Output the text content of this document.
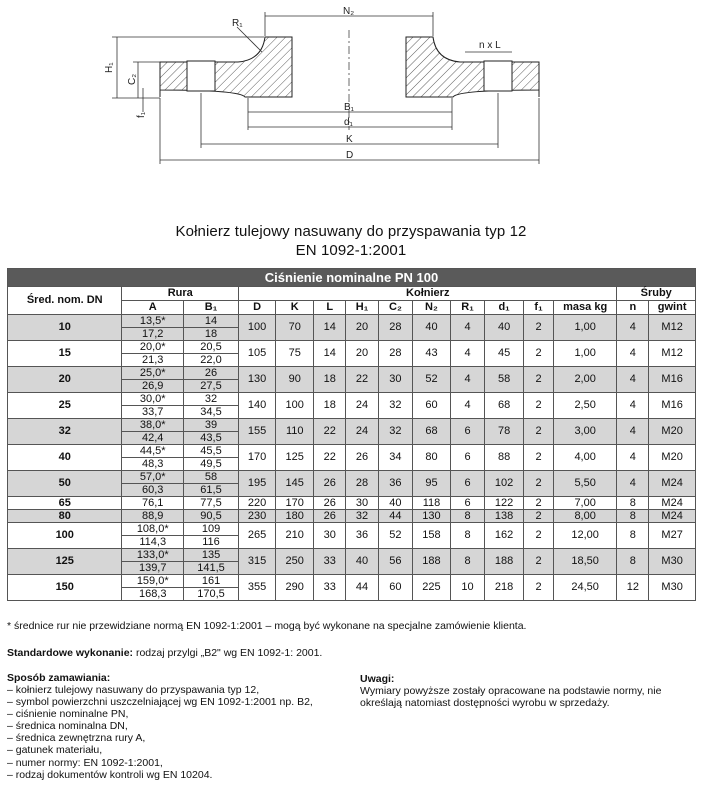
N₂
R₁
H₁
C₂
f₁
n x L
B₁
d₁
K
D
Kołnierz tulejowy nasuwany do przyspawania typ 12
EN 1092-1:2001
Ciśnienie nominalne PN 100														
Śred. nom. DN	Rura		Kołnierz										Śruby	
	A	B₁	D	K	L	H₁	C₂	N₂	R₁	d₁	f₁	masa kg	n	gwint
10	13,5*	14	100	70	14	20	28	40	4	40	2	1,00	4	M12
	17,2	18												
15	20,0*	20,5	105	75	14	20	28	43	4	45	2	1,00	4	M12
	21,3	22,0												
20	25,0*	26	130	90	18	22	30	52	4	58	2	2,00	4	M16
	26,9	27,5												
25	30,0*	32	140	100	18	24	32	60	4	68	2	2,50	4	M16
	33,7	34,5												
32	38,0*	39	155	110	22	24	32	68	6	78	2	3,00	4	M20
	42,4	43,5												
40	44,5*	45,5	170	125	22	26	34	80	6	88	2	4,00	4	M20
	48,3	49,5												
50	57,0*	58	195	145	26	28	36	95	6	102	2	5,50	4	M24
	60,3	61,5												
65	76,1	77,5	220	170	26	30	40	118	6	122	2	7,00	8	M24
80	88,9	90,5	230	180	26	32	44	130	8	138	2	8,00	8	M24
100	108,0*	109	265	210	30	36	52	158	8	162	2	12,00	8	M27
	114,3	116												
125	133,0*	135	315	250	33	40	56	188	8	188	2	18,50	8	M30
	139,7	141,5												
150	159,0*	161	355	290	33	44	60	225	10	218	2	24,50	12	M30
	168,3	170,5												
* średnice rur nie przewidziane normą EN 1092-1:2001 – mogą być wykonane na specjalne zamówienie klienta.
Standardowe wykonanie: rodzaj przylgi „B2" wg EN 1092-1: 2001.
Sposób zamawiania:
– kołnierz tulejowy nasuwany do przyspawania typ 12,
– symbol powierzchni uszczelniającej wg EN 1092-1:2001 np. B2,
– ciśnienie nominalne PN,
– średnica nominalna DN,
– średnica zewnętrzna rury A,
– gatunek materiału,
– numer normy: EN 1092-1:2001,
– rodzaj dokumentów kontroli wg EN 10204.
Uwagi:
Wymiary powyższe zostały opracowane na podstawie normy, nie określają natomiast dostępności wyrobu w sprzedaży.
